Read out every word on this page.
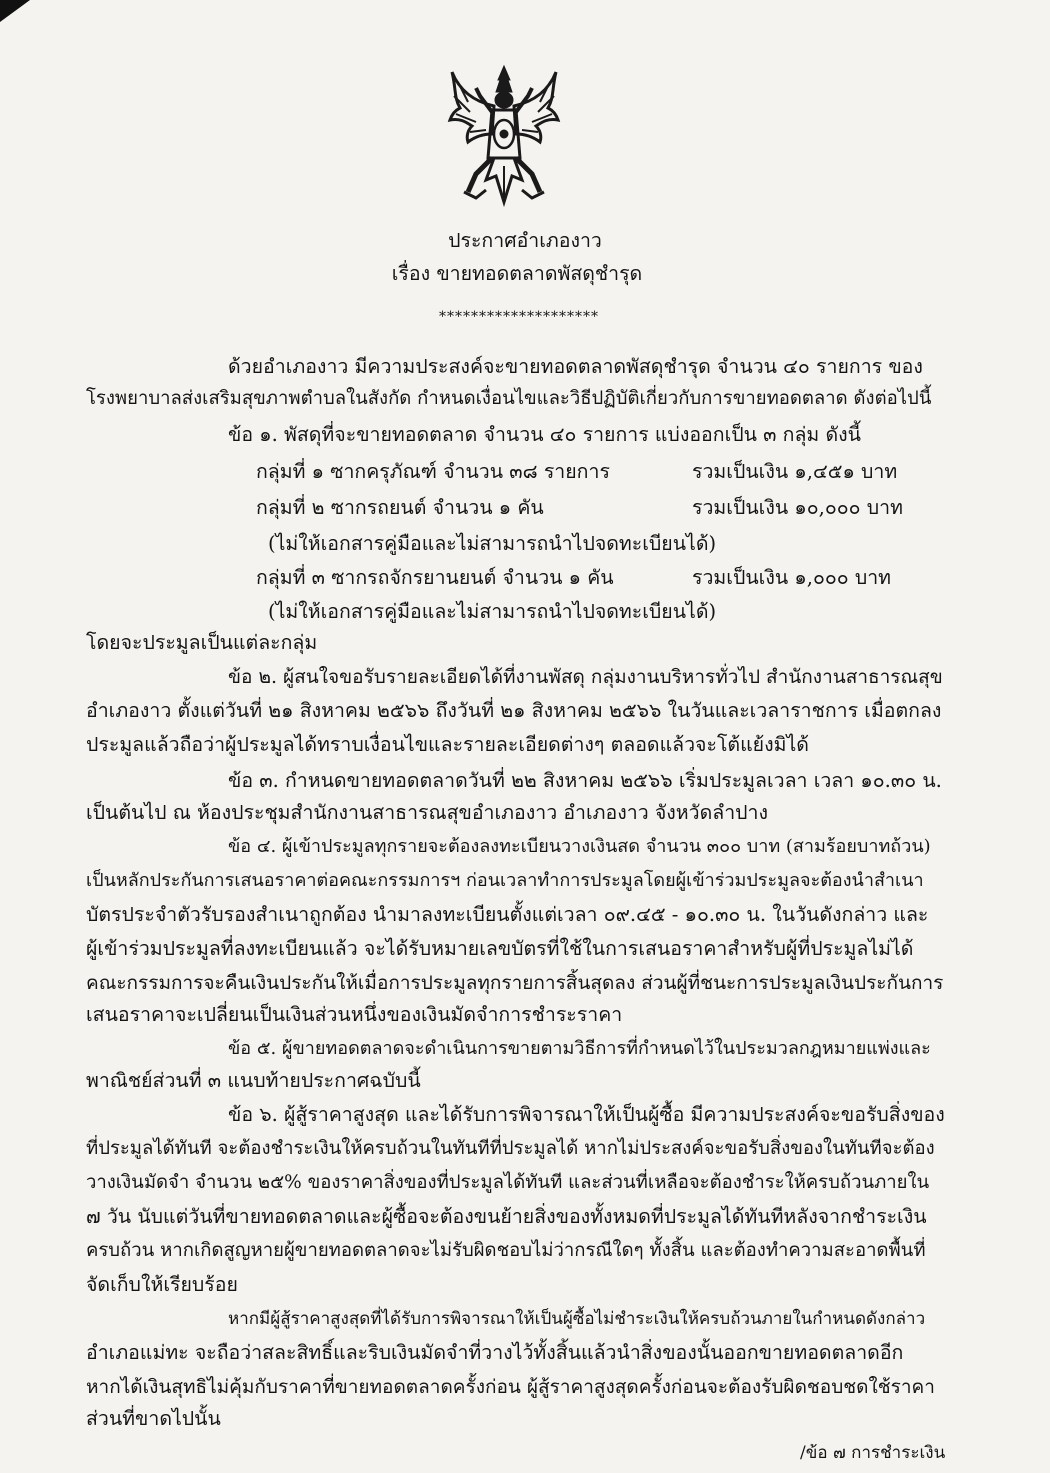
ประกาศอำเภองาว
เรื่อง ขายทอดตลาดพัสดุชำรุด
********************
ด้วยอำเภองาว มีความประสงค์จะขายทอดตลาดพัสดุชำรุด จำนวน ๔๐ รายการ ของ
โรงพยาบาลส่งเสริมสุขภาพตำบลในสังกัด กำหนดเงื่อนไขและวิธีปฏิบัติเกี่ยวกับการขายทอดตลาด ดังต่อไปนี้
ข้อ ๑. พัสดุที่จะขายทอดตลาด จำนวน ๔๐ รายการ แบ่งออกเป็น ๓ กลุ่ม ดังนี้
กลุ่มที่ ๑ ซากครุภัณฑ์ จำนวน ๓๘ รายการ	รวมเป็นเงิน ๑,๔๕๑ บาท
กลุ่มที่ ๒ ซากรถยนต์ จำนวน ๑ คัน	รวมเป็นเงิน ๑๐,๐๐๐ บาท
(ไม่ให้เอกสารคู่มือและไม่สามารถนำไปจดทะเบียนได้)
กลุ่มที่ ๓ ซากรถจักรยานยนต์ จำนวน ๑ คัน	รวมเป็นเงิน ๑,๐๐๐ บาท
(ไม่ให้เอกสารคู่มือและไม่สามารถนำไปจดทะเบียนได้)
โดยจะประมูลเป็นแต่ละกลุ่ม
ข้อ ๒. ผู้สนใจขอรับรายละเอียดได้ที่งานพัสดุ กลุ่มงานบริหารทั่วไป สำนักงานสาธารณสุข
อำเภองาว ตั้งแต่วันที่ ๒๑ สิงหาคม ๒๕๖๖ ถึงวันที่ ๒๑ สิงหาคม ๒๕๖๖ ในวันและเวลาราชการ เมื่อตกลง
ประมูลแล้วถือว่าผู้ประมูลได้ทราบเงื่อนไขและรายละเอียดต่างๆ ตลอดแล้วจะโต้แย้งมิได้
ข้อ ๓. กำหนดขายทอดตลาดวันที่ ๒๒ สิงหาคม ๒๕๖๖ เริ่มประมูลเวลา เวลา ๑๐.๓๐ น.
เป็นต้นไป ณ ห้องประชุมสำนักงานสาธารณสุขอำเภองาว อำเภองาว จังหวัดลำปาง
ข้อ ๔. ผู้เข้าประมูลทุกรายจะต้องลงทะเบียนวางเงินสด จำนวน ๓๐๐ บาท (สามร้อยบาทถ้วน)
เป็นหลักประกันการเสนอราคาต่อคณะกรรมการฯ ก่อนเวลาทำการประมูลโดยผู้เข้าร่วมประมูลจะต้องนำสำเนา
บัตรประจำตัวรับรองสำเนาถูกต้อง นำมาลงทะเบียนตั้งแต่เวลา ๐๙.๔๕ - ๑๐.๓๐ น. ในวันดังกล่าว และ
ผู้เข้าร่วมประมูลที่ลงทะเบียนแล้ว จะได้รับหมายเลขบัตรที่ใช้ในการเสนอราคาสำหรับผู้ที่ประมูลไม่ได้
คณะกรรมการจะคืนเงินประกันให้เมื่อการประมูลทุกรายการสิ้นสุดลง ส่วนผู้ที่ชนะการประมูลเงินประกันการ
เสนอราคาจะเปลี่ยนเป็นเงินส่วนหนึ่งของเงินมัดจำการชำระราคา
ข้อ ๕. ผู้ขายทอดตลาดจะดำเนินการขายตามวิธีการที่กำหนดไว้ในประมวลกฎหมายแพ่งและ
พาณิชย์ส่วนที่ ๓ แนบท้ายประกาศฉบับนี้
ข้อ ๖. ผู้สู้ราคาสูงสุด และได้รับการพิจารณาให้เป็นผู้ซื้อ มีความประสงค์จะขอรับสิ่งของ
ที่ประมูลได้ทันที จะต้องชำระเงินให้ครบถ้วนในทันทีที่ประมูลได้ หากไม่ประสงค์จะขอรับสิ่งของในทันทีจะต้อง
วางเงินมัดจำ จำนวน ๒๕% ของราคาสิ่งของที่ประมูลได้ทันที และส่วนที่เหลือจะต้องชำระให้ครบถ้วนภายใน
๗ วัน นับแต่วันที่ขายทอดตลาดและผู้ซื้อจะต้องขนย้ายสิ่งของทั้งหมดที่ประมูลได้ทันทีหลังจากชำระเงิน
ครบถ้วน หากเกิดสูญหายผู้ขายทอดตลาดจะไม่รับผิดชอบไม่ว่ากรณีใดๆ ทั้งสิ้น และต้องทำความสะอาดพื้นที่
จัดเก็บให้เรียบร้อย
หากมีผู้สู้ราคาสูงสุดที่ได้รับการพิจารณาให้เป็นผู้ซื้อไม่ชำระเงินให้ครบถ้วนภายในกำหนดดังกล่าว
อำเภอแม่ทะ จะถือว่าสละสิทธิ์และริบเงินมัดจำที่วางไว้ทั้งสิ้นแล้วนำสิ่งของนั้นออกขายทอดตลาดอีก
หากได้เงินสุทธิไม่คุ้มกับราคาที่ขายทอดตลาดครั้งก่อน ผู้สู้ราคาสูงสุดครั้งก่อนจะต้องรับผิดชอบชดใช้ราคา
ส่วนที่ขาดไปนั้น
/ข้อ ๗ การชำระเงิน
